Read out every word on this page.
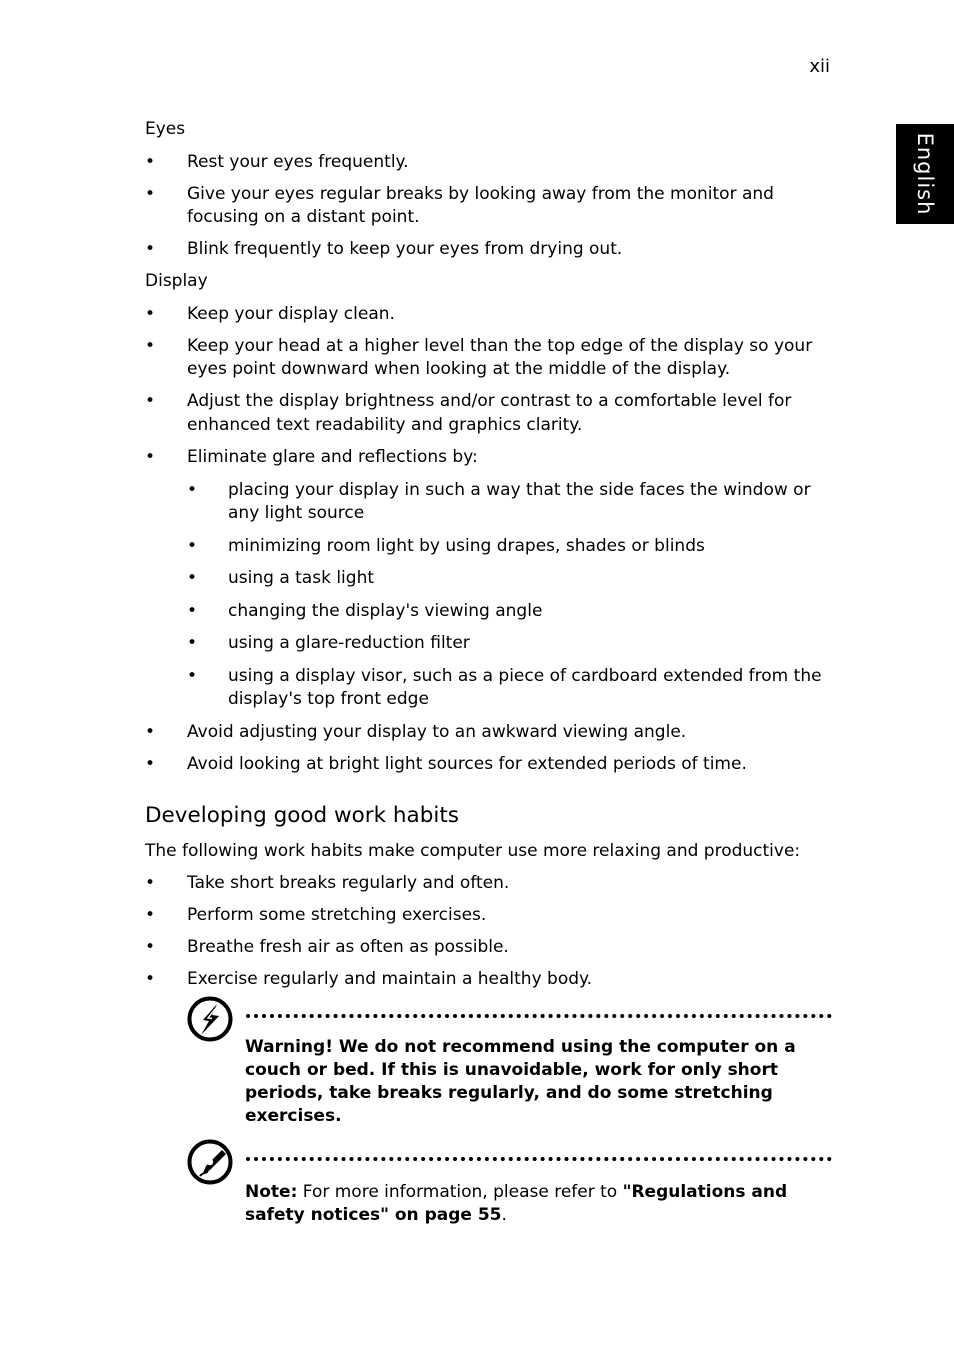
xii
English
Eyes
• Rest your eyes frequently.
• Give your eyes regular breaks by looking away from the monitor and focusing on a distant point.
• Blink frequently to keep your eyes from drying out.
Display
• Keep your display clean.
• Keep your head at a higher level than the top edge of the display so your eyes point downward when looking at the middle of the display.
• Adjust the display brightness and/or contrast to a comfortable level for enhanced text readability and graphics clarity.
• Eliminate glare and reflections by:
• placing your display in such a way that the side faces the window or any light source
• minimizing room light by using drapes, shades or blinds
• using a task light
• changing the display's viewing angle
• using a glare-reduction filter
• using a display visor, such as a piece of cardboard extended from the display's top front edge
• Avoid adjusting your display to an awkward viewing angle.
• Avoid looking at bright light sources for extended periods of time.
Developing good work habits
The following work habits make computer use more relaxing and productive:
• Take short breaks regularly and often.
• Perform some stretching exercises.
• Breathe fresh air as often as possible.
• Exercise regularly and maintain a healthy body.
Warning! We do not recommend using the computer on a couch or bed. If this is unavoidable, work for only short periods, take breaks regularly, and do some stretching exercises.
Note: For more information, please refer to "Regulations and safety notices" on page 55.
